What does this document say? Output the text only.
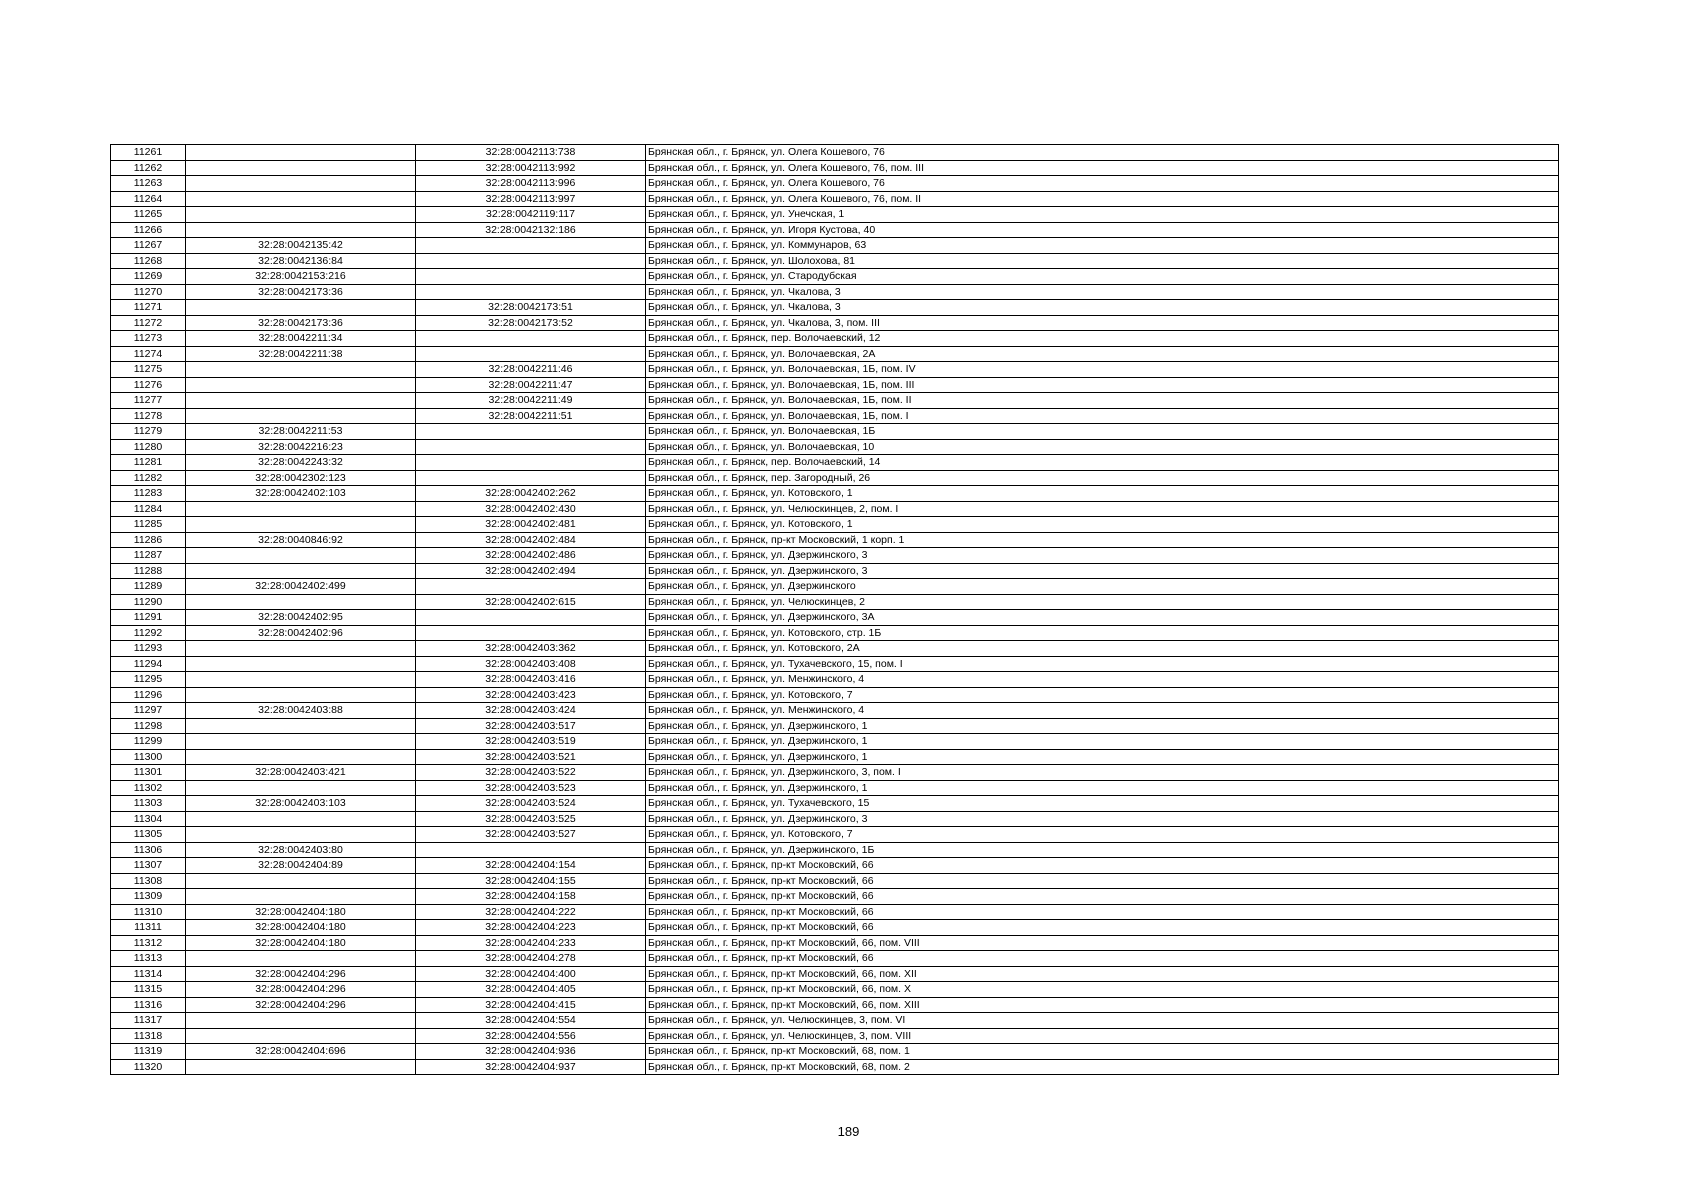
11261		32:28:0042113:738	Брянская обл., г. Брянск, ул. Олега Кошевого, 76
11262		32:28:0042113:992	Брянская обл., г. Брянск, ул. Олега Кошевого, 76, пом. III
11263		32:28:0042113:996	Брянская обл., г. Брянск, ул. Олега Кошевого, 76
11264		32:28:0042113:997	Брянская обл., г. Брянск, ул. Олега Кошевого, 76, пом. II
11265		32:28:0042119:117	Брянская обл., г. Брянск, ул. Унечская, 1
11266		32:28:0042132:186	Брянская обл., г. Брянск, ул. Игоря Кустова, 40
11267	32:28:0042135:42		Брянская обл., г. Брянск, ул. Коммунаров, 63
11268	32:28:0042136:84		Брянская обл., г. Брянск, ул. Шолохова, 81
11269	32:28:0042153:216		Брянская обл., г. Брянск, ул. Стародубская
11270	32:28:0042173:36		Брянская обл., г. Брянск, ул. Чкалова, 3
11271		32:28:0042173:51	Брянская обл., г. Брянск, ул. Чкалова, 3
11272	32:28:0042173:36	32:28:0042173:52	Брянская обл., г. Брянск, ул. Чкалова, 3, пом. III
11273	32:28:0042211:34		Брянская обл., г. Брянск, пер. Волочаевский, 12
11274	32:28:0042211:38		Брянская обл., г. Брянск, ул. Волочаевская, 2А
11275		32:28:0042211:46	Брянская обл., г. Брянск, ул. Волочаевская, 1Б, пом. IV
11276		32:28:0042211:47	Брянская обл., г. Брянск, ул. Волочаевская, 1Б, пом. III
11277		32:28:0042211:49	Брянская обл., г. Брянск, ул. Волочаевская, 1Б, пом. II
11278		32:28:0042211:51	Брянская обл., г. Брянск, ул. Волочаевская, 1Б, пом. I
11279	32:28:0042211:53		Брянская обл., г. Брянск, ул. Волочаевская, 1Б
11280	32:28:0042216:23		Брянская обл., г. Брянск, ул. Волочаевская, 10
11281	32:28:0042243:32		Брянская обл., г. Брянск, пер. Волочаевский, 14
11282	32:28:0042302:123		Брянская обл., г. Брянск, пер. Загородный, 26
11283	32:28:0042402:103	32:28:0042402:262	Брянская обл., г. Брянск, ул. Котовского, 1
11284		32:28:0042402:430	Брянская обл., г. Брянск, ул. Челюскинцев, 2, пом. I
11285		32:28:0042402:481	Брянская обл., г. Брянск, ул. Котовского, 1
11286	32:28:0040846:92	32:28:0042402:484	Брянская обл., г. Брянск, пр-кт Московский, 1 корп. 1
11287		32:28:0042402:486	Брянская обл., г. Брянск, ул. Дзержинского, 3
11288		32:28:0042402:494	Брянская обл., г. Брянск, ул. Дзержинского, 3
11289	32:28:0042402:499		Брянская обл., г. Брянск, ул. Дзержинского
11290		32:28:0042402:615	Брянская обл., г. Брянск, ул. Челюскинцев, 2
11291	32:28:0042402:95		Брянская обл., г. Брянск, ул. Дзержинского, 3А
11292	32:28:0042402:96		Брянская обл., г. Брянск, ул. Котовского, стр. 1Б
11293		32:28:0042403:362	Брянская обл., г. Брянск, ул. Котовского, 2А
11294		32:28:0042403:408	Брянская обл., г. Брянск, ул. Тухачевского, 15, пом. I
11295		32:28:0042403:416	Брянская обл., г. Брянск, ул. Менжинского, 4
11296		32:28:0042403:423	Брянская обл., г. Брянск, ул. Котовского, 7
11297	32:28:0042403:88	32:28:0042403:424	Брянская обл., г. Брянск, ул. Менжинского, 4
11298		32:28:0042403:517	Брянская обл., г. Брянск, ул. Дзержинского, 1
11299		32:28:0042403:519	Брянская обл., г. Брянск, ул. Дзержинского, 1
11300		32:28:0042403:521	Брянская обл., г. Брянск, ул. Дзержинского, 1
11301	32:28:0042403:421	32:28:0042403:522	Брянская обл., г. Брянск, ул. Дзержинского, 3, пом. I
11302		32:28:0042403:523	Брянская обл., г. Брянск, ул. Дзержинского, 1
11303	32:28:0042403:103	32:28:0042403:524	Брянская обл., г. Брянск, ул. Тухачевского, 15
11304		32:28:0042403:525	Брянская обл., г. Брянск, ул. Дзержинского, 3
11305		32:28:0042403:527	Брянская обл., г. Брянск, ул. Котовского, 7
11306	32:28:0042403:80		Брянская обл., г. Брянск, ул. Дзержинского, 1Б
11307	32:28:0042404:89	32:28:0042404:154	Брянская обл., г. Брянск, пр-кт Московский, 66
11308		32:28:0042404:155	Брянская обл., г. Брянск, пр-кт Московский, 66
11309		32:28:0042404:158	Брянская обл., г. Брянск, пр-кт Московский, 66
11310	32:28:0042404:180	32:28:0042404:222	Брянская обл., г. Брянск, пр-кт Московский, 66
11311	32:28:0042404:180	32:28:0042404:223	Брянская обл., г. Брянск, пр-кт Московский, 66
11312	32:28:0042404:180	32:28:0042404:233	Брянская обл., г. Брянск, пр-кт Московский, 66, пом. VIII
11313		32:28:0042404:278	Брянская обл., г. Брянск, пр-кт Московский, 66
11314	32:28:0042404:296	32:28:0042404:400	Брянская обл., г. Брянск, пр-кт Московский, 66, пом. XII
11315	32:28:0042404:296	32:28:0042404:405	Брянская обл., г. Брянск, пр-кт Московский, 66, пом. X
11316	32:28:0042404:296	32:28:0042404:415	Брянская обл., г. Брянск, пр-кт Московский, 66, пом. XIII
11317		32:28:0042404:554	Брянская обл., г. Брянск, ул. Челюскинцев, 3, пом. VI
11318		32:28:0042404:556	Брянская обл., г. Брянск, ул. Челюскинцев, 3, пом. VIII
11319	32:28:0042404:696	32:28:0042404:936	Брянская обл., г. Брянск, пр-кт Московский, 68, пом. 1
11320		32:28:0042404:937	Брянская обл., г. Брянск, пр-кт Московский, 68, пом. 2
189
